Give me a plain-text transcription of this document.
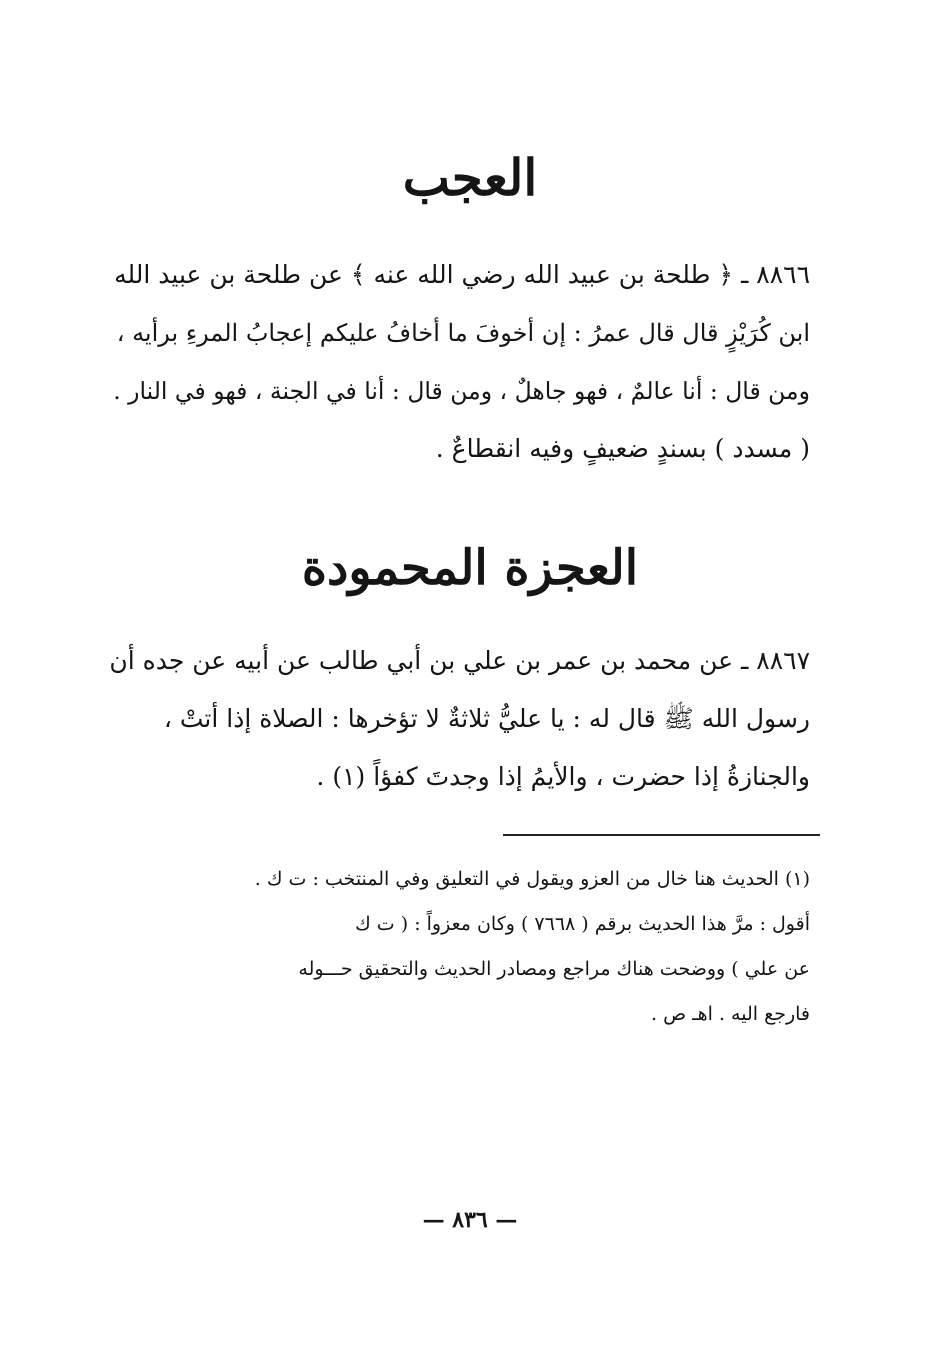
العجب

٨٨٦٦ ـ ﴿ طلحة بن عبيد الله رضي الله عنه ﴾ عن طلحة بن عبيد الله
ابن كُرَيْزٍ قال قال عمرُ : إن أخوفَ ما أخافُ عليكم إعجابُ المرءِ برأيه ،
ومن قال : أنا عالمٌ ، فهو جاهلٌ ، ومن قال : أنا في الجنة ، فهو في النار .
( مسدد ) بسندٍ ضعيفٍ وفيه انقطاعٌ .

العجزة المحمودة

٨٨٦٧ ـ عن محمد بن عمر بن علي بن أبي طالب عن أبيه عن جده أن
رسول الله ﷺ قال له : يا عليُّ ثلاثةٌ لا تؤخرها : الصلاة إذا أتتْ ،
والجنازةُ إذا حضرت ، والأيمُ إذا وجدتَ كفؤاً (١) .

(١) الحديث هنا خال من العزو ويقول في التعليق وفي المنتخب : ت ك .
أقول : مرَّ هذا الحديث برقم ( ٧٦٦٨ ) وكان معزواً : ( ت ك
عن علي ) ووضحت هناك مراجع ومصادر الحديث والتحقيق حـــوله
فارجع اليه . اهـ ص .

— ٨٣٦ —
